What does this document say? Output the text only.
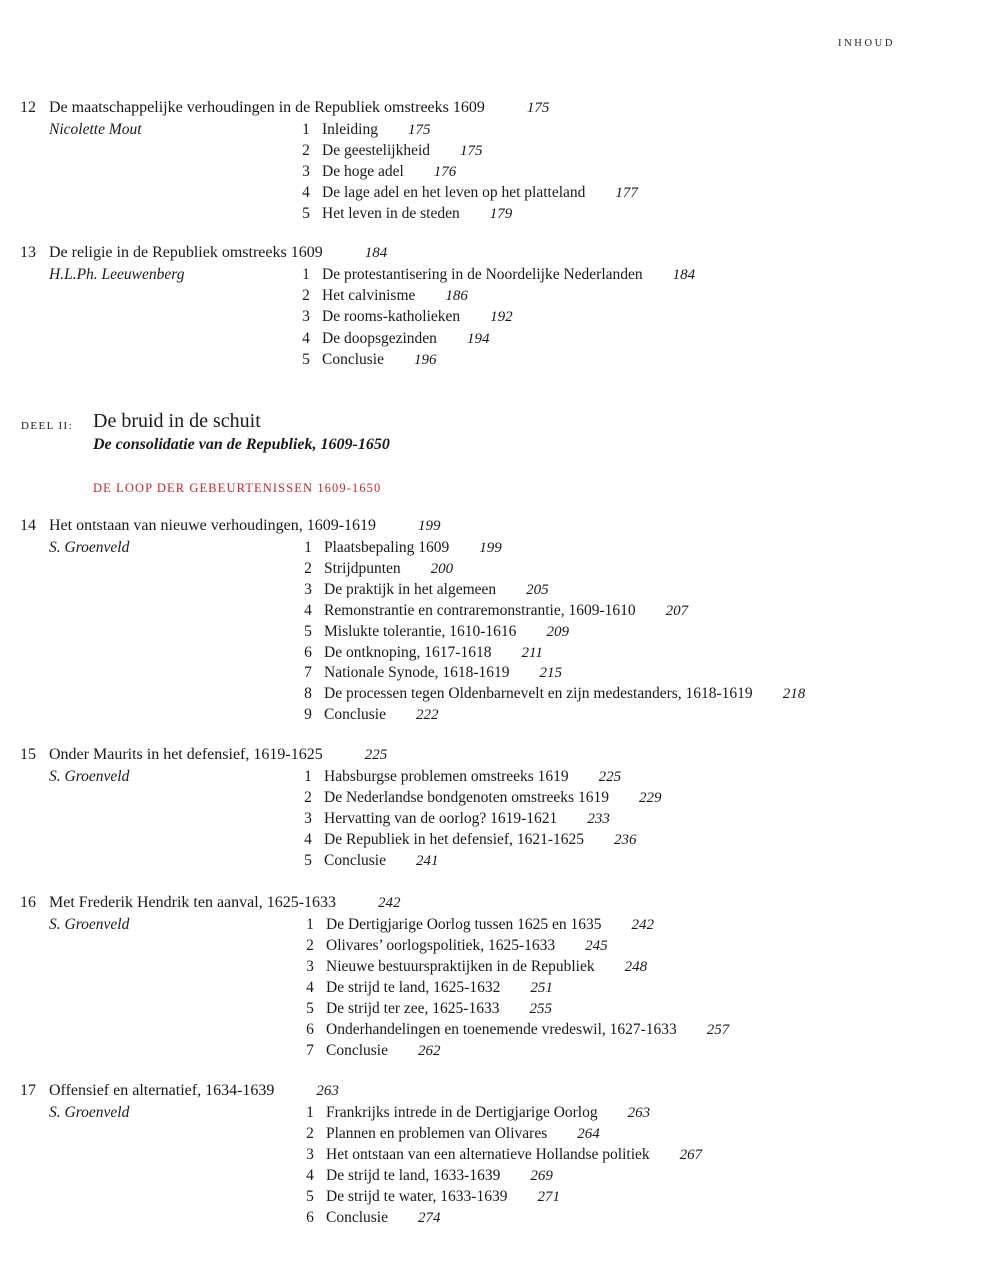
INHOUD
DEEL II: De bruid in de schuit
De consolidatie van de Republiek, 1609-1650
DE LOOP DER GEBEURTENISSEN 1609-1650
12 De maatschappelijke verhoudingen in de Republiek omstreeks 1609	175
Nicolette Mout	1 Inleiding 175
2 De geestelijkheid 175
3 De hoge adel 176
4 De lage adel en het leven op het platteland 177
5 Het leven in de steden 179
13 De religie in de Republiek omstreeks 1609	184
H.L.Ph. Leeuwenberg	1 De protestantisering in de Noordelijke Nederlanden 184
2 Het calvinisme 186
3 De rooms-katholieken 192
4 De doopsgezinden 194
5 Conclusie 196
14 Het ontstaan van nieuwe verhoudingen, 1609-1619	199
S. Groenveld	1 Plaatsbepaling 1609 199
2 Strijdpunten 200
3 De praktijk in het algemeen 205
4 Remonstrantie en contraremonstrantie, 1609-1610 207
5 Mislukte tolerantie, 1610-1616 209
6 De ontknoping, 1617-1618 211
7 Nationale Synode, 1618-1619 215
8 De processen tegen Oldenbarnevelt en zijn medestanders, 1618-1619 218
9 Conclusie 222
15 Onder Maurits in het defensief, 1619-1625	225
S. Groenveld	1 Habsburgse problemen omstreeks 1619 225
2 De Nederlandse bondgenoten omstreeks 1619 229
3 Hervatting van de oorlog? 1619-1621 233
4 De Republiek in het defensief, 1621-1625 236
5 Conclusie 241
16 Met Frederik Hendrik ten aanval, 1625-1633	242
S. Groenveld	1 De Dertigjarige Oorlog tussen 1625 en 1635 242
2 Olivares’ oorlogspolitiek, 1625-1633 245
3 Nieuwe bestuurspraktijken in de Republiek 248
4 De strijd te land, 1625-1632 251
5 De strijd ter zee, 1625-1633 255
6 Onderhandelingen en toenemende vredeswil, 1627-1633 257
7 Conclusie 262
17 Offensief en alternatief, 1634-1639	263
S. Groenveld	1 Frankrijks intrede in de Dertigjarige Oorlog 263
2 Plannen en problemen van Olivares 264
3 Het ontstaan van een alternatieve Hollandse politiek 267
4 De strijd te land, 1633-1639 269
5 De strijd te water, 1633-1639 271
6 Conclusie 274
